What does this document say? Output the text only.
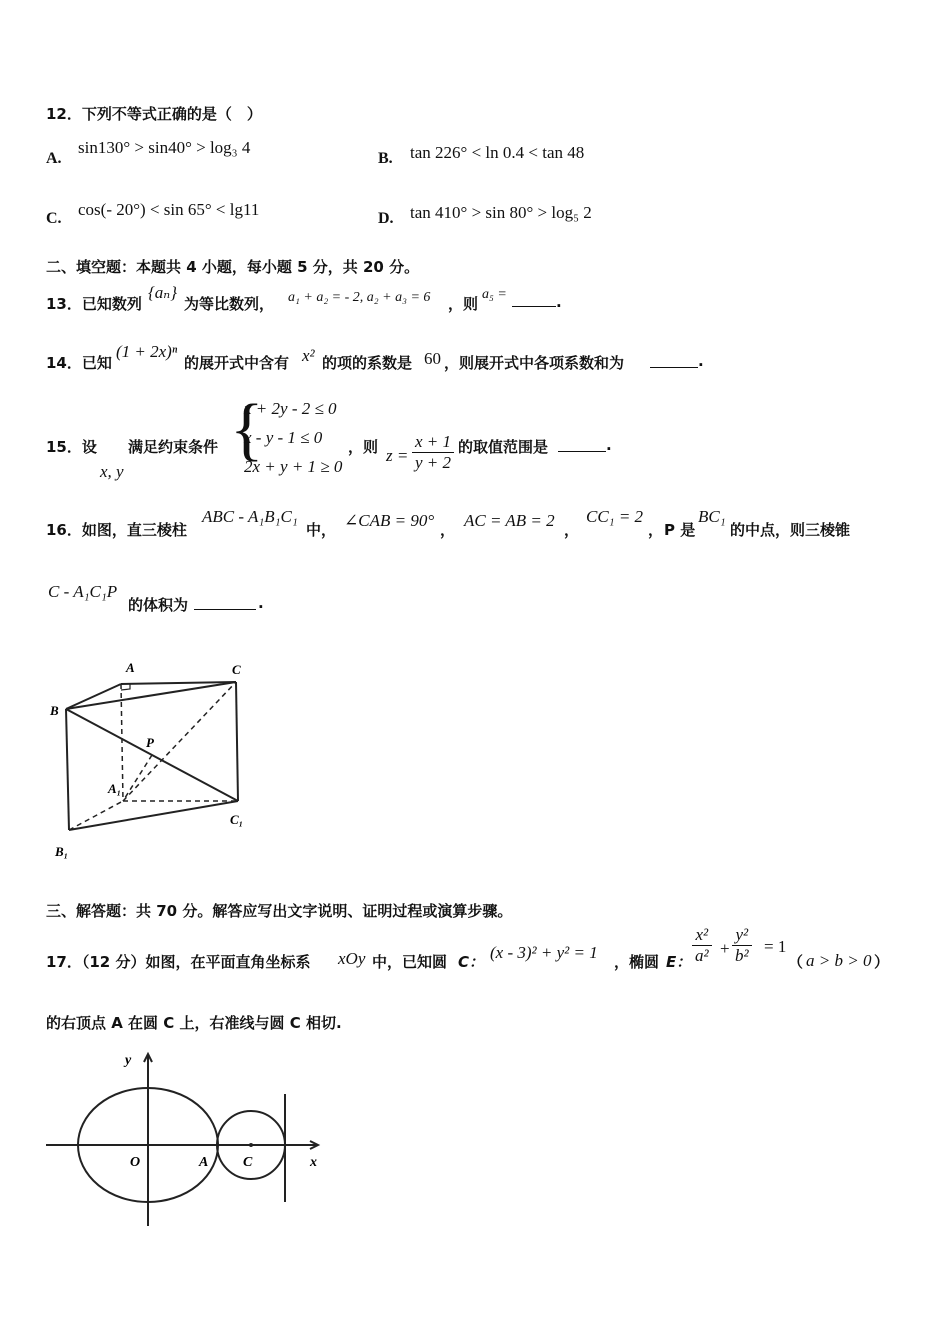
12．下列不等式正确的是（　）
A.
sin130° > sin40° > log₃ 4
B. tan 226° < ln 0.4 < tan 48
C. cos(- 20°) < sin 65° < lg11	D. tan 410° > sin 80° > log₅ 2
二、填空题：本题共 4 小题，每小题 5 分，共 20 分。
13．已知数列
{aₙ}
为等比数列， a₁ + a₂ = - 2, a₂ + a₃ = 6 ，则
a₅ =	.
14．已知
(1 + 2x)ⁿ
的展开式中含有 x² 的项的系数是 60 ，则展开式中各项系数和为	.
15．设
x, y
满足约束条件 {
x + 2y - 2 ≤ 0
x - y - 1 ≤ 0
2x + y + 1 ≥ 0
，则 $z = \frac{x + 1}{y + 2}$ 的取值范围是	.
16．如图，直三棱柱
ABC - A₁B₁C₁
中， ∠CAB = 90° ， AC = AB = 2 ，
CC₁ = 2
， P 是
BC₁
的中点，则三棱锥
C - A₁C₁P
的体积为	.
A
B
C
P
A₁
B₁
C₁
三、解答题：共 70 分。解答应写出文字说明、证明过程或演算步骤。
17．（12 分）如图，在平面直角坐标系 xOy 中，已知圆 C： (x - 3)² + y² = 1 ，椭圆 E： $\frac{\text{x²}}{\text{a²}} + \frac{\text{y²}}{\text{b²}} = 1$
（ a > b > 0 ）
的右顶点 A 在圆 C 上，右准线与圆 C 相切.
y
x
O	A C
